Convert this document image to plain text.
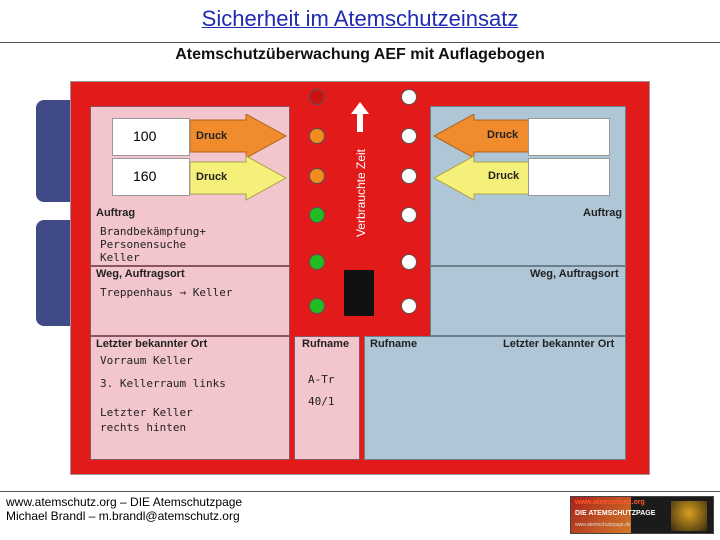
Sicherheit im Atemschutzeinsatz
Atemschutzüberwachung AEF mit Auflagebogen
100
160
Druck
Druck
Auftrag
Brandbekämpfung+ Personensuche Keller
Weg, Auftragsort
Treppenhaus → Keller
Letzter bekannter Ort
Vorraum Keller
3. Kellerraum links
Letzter Keller rechts hinten
Rufname
A-Tr
40/1
Verbrauchte Zeit
Druck
Druck
Auftrag
Weg, Auftragsort
Rufname	Letzter bekannter Ort
www.atemschutz.org – DIE Atemschutzpage
Michael Brandl – m.brandl@atemschutz.org
www.atemschutz.org
DIE ATEMSCHUTZPAGE
www.atemschutzpage.de
